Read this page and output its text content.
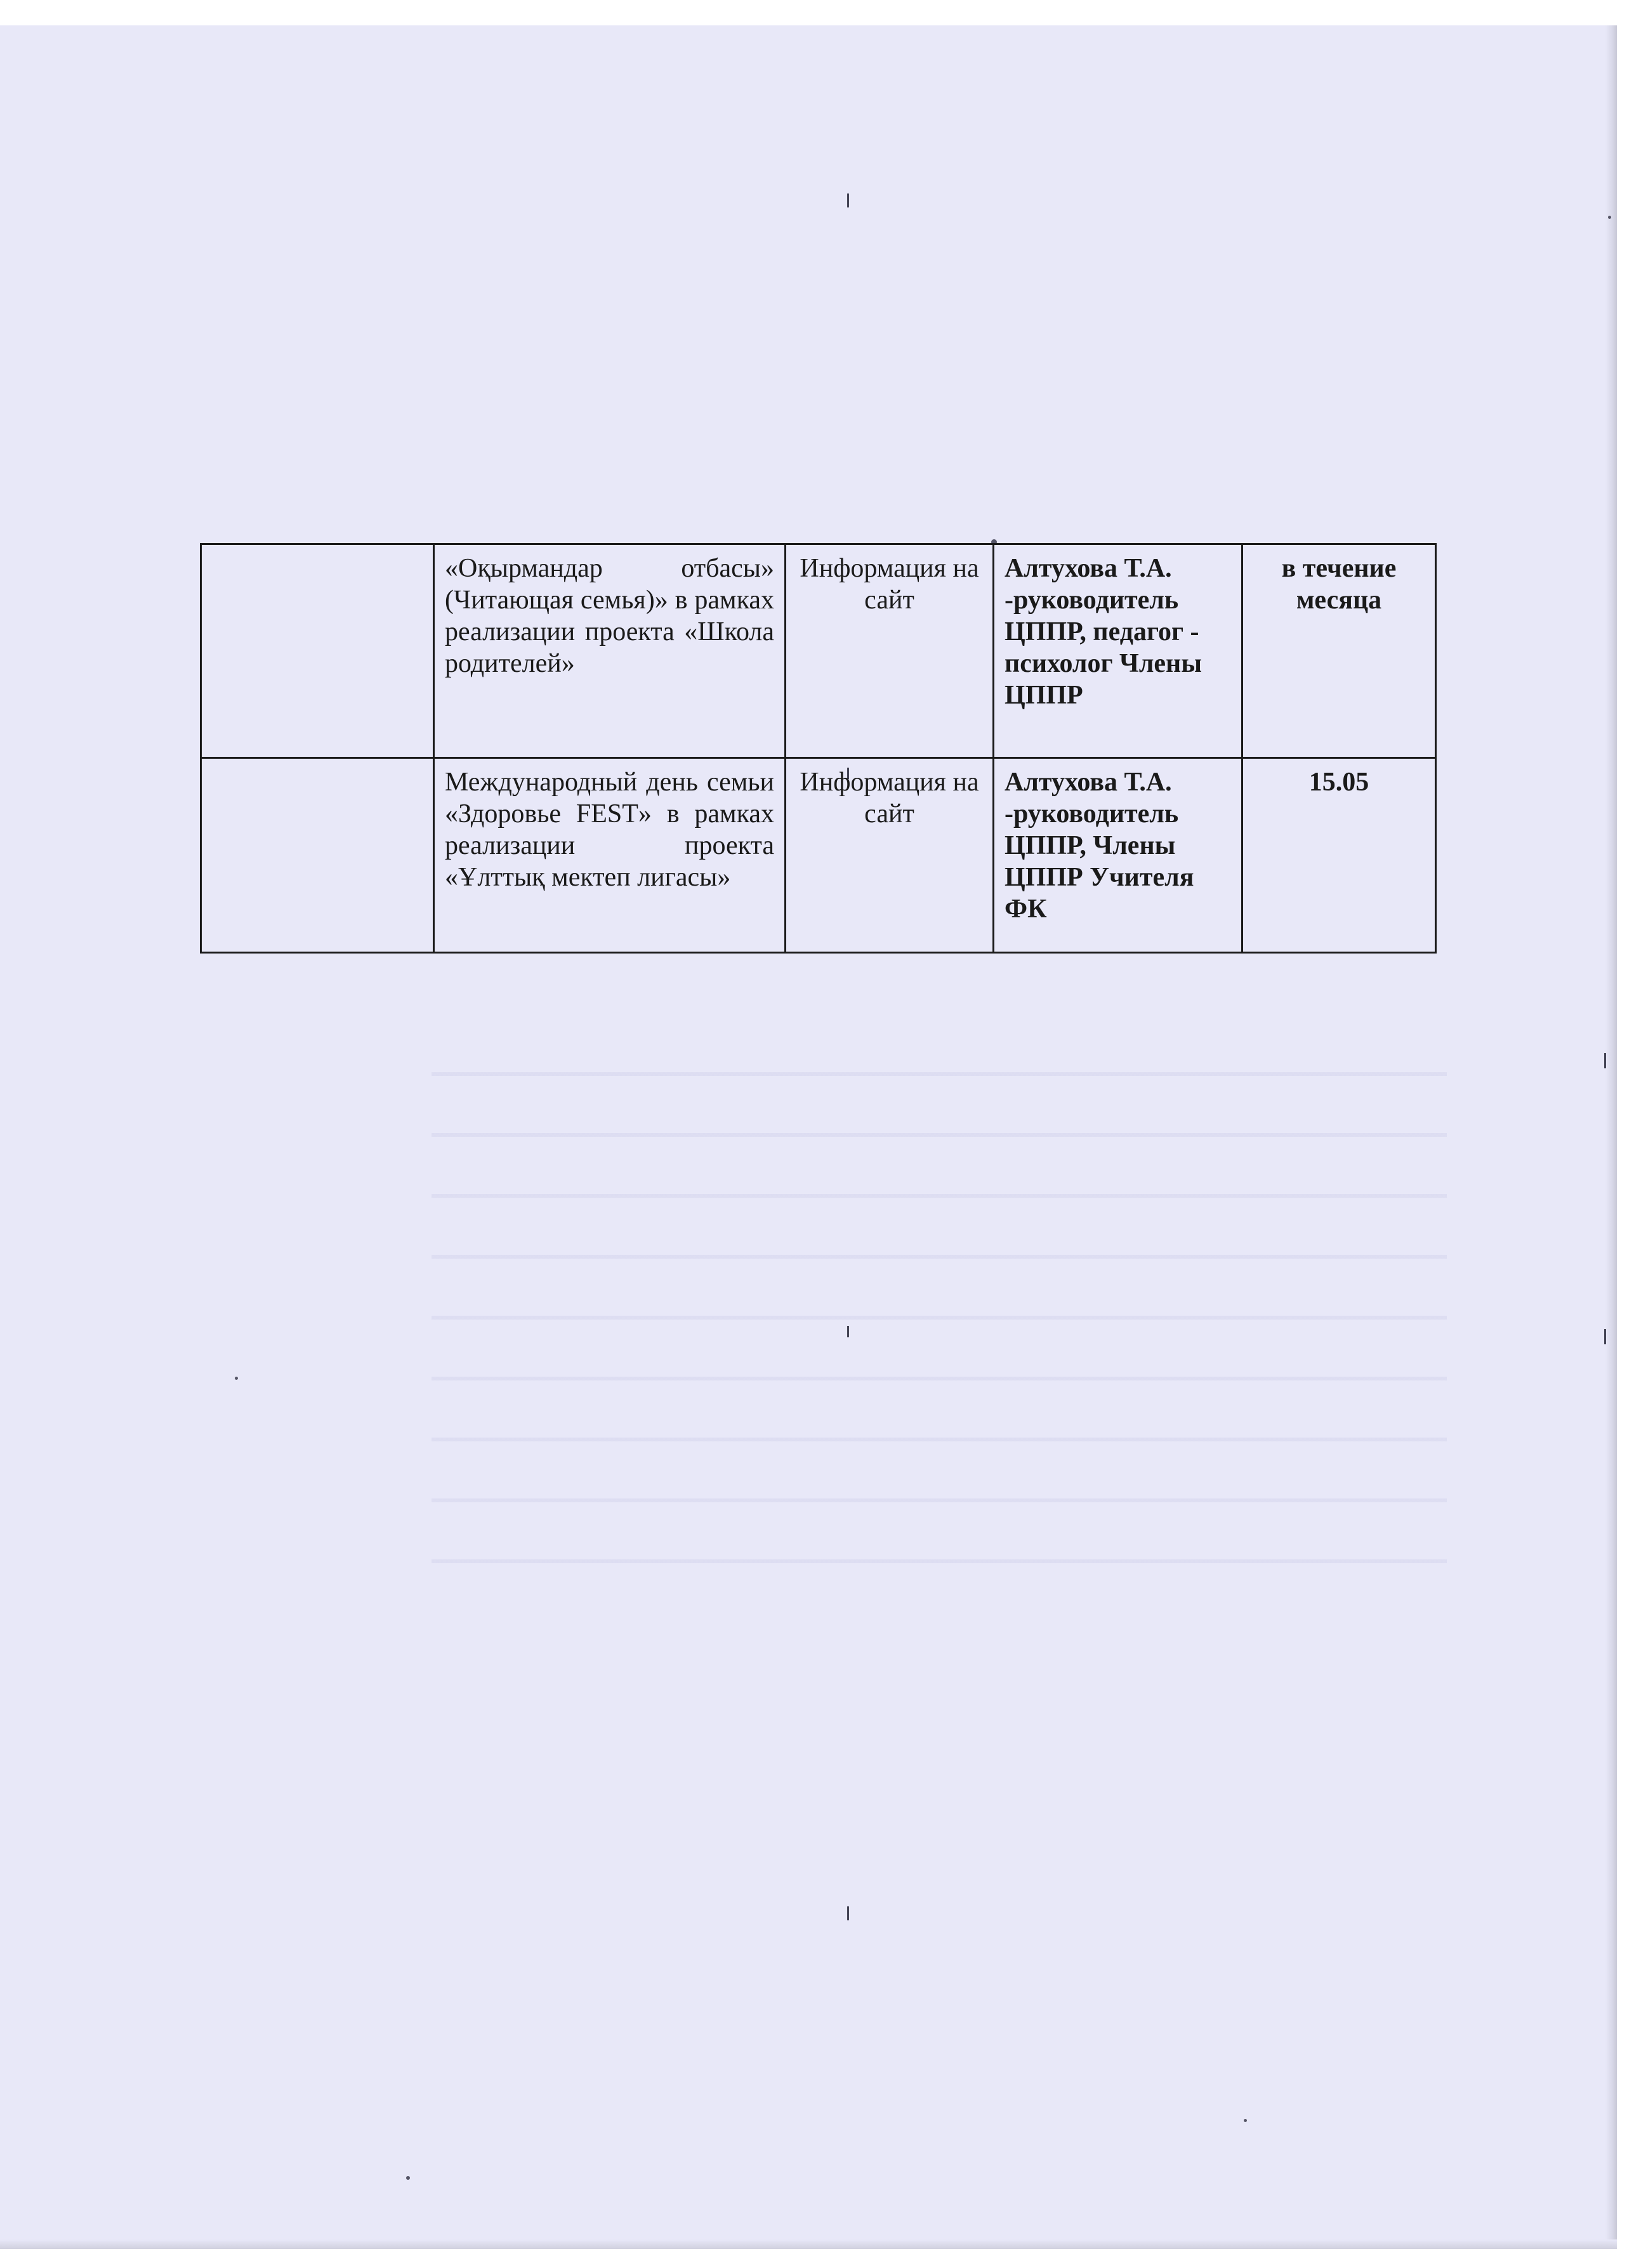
	«Оқырмандар отбасы» (Читающая семья)» в рамках реализации проекта «Школа родителей»	Информация на сайт	Алтухова Т.А. -руководитель ЦППР, педагог - психолог Члены ЦППР	в течение месяца
	Международный день семьи «Здоровье FEST» в рамках реализации проекта «Ұлттық мектеп лигасы»	Информация на сайт	Алтухова Т.А. -руководитель ЦППР, Члены ЦППР Учителя ФК	15.05
